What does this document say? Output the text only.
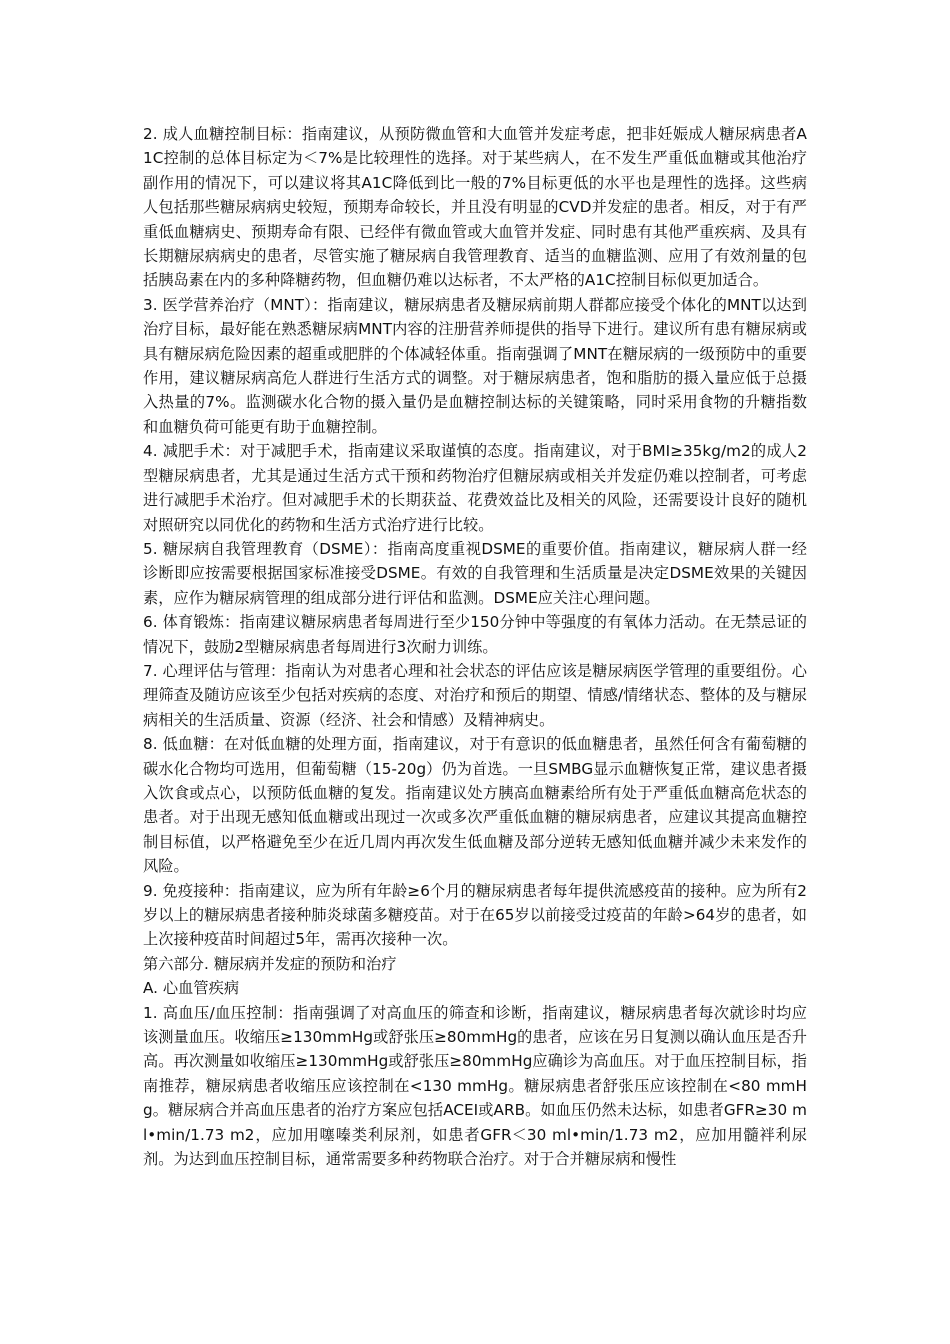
2. 成人血糖控制目标：指南建议，从预防微血管和大血管并发症考虑，把非妊娠成人糖尿病患者A1C控制的总体目标定为＜7%是比较理性的选择。对于某些病人，在不发生严重低血糖或其他治疗副作用的情况下，可以建议将其A1C降低到比一般的7%目标更低的水平也是理性的选择。这些病人包括那些糖尿病病史较短，预期寿命较长，并且没有明显的CVD并发症的患者。相反，对于有严重低血糖病史、预期寿命有限、已经伴有微血管或大血管并发症、同时患有其他严重疾病、及具有长期糖尿病病史的患者，尽管实施了糖尿病自我管理教育、适当的血糖监测、应用了有效剂量的包括胰岛素在内的多种降糖药物，但血糖仍难以达标者，不太严格的A1C控制目标似更加适合。

3. 医学营养治疗（MNT）：指南建议，糖尿病患者及糖尿病前期人群都应接受个体化的MNT以达到治疗目标，最好能在熟悉糖尿病MNT内容的注册营养师提供的指导下进行。建议所有患有糖尿病或具有糖尿病危险因素的超重或肥胖的个体减轻体重。指南强调了MNT在糖尿病的一级预防中的重要作用，建议糖尿病高危人群进行生活方式的调整。对于糖尿病患者，饱和脂肪的摄入量应低于总摄入热量的7%。监测碳水化合物的摄入量仍是血糖控制达标的关键策略，同时采用食物的升糖指数和血糖负荷可能更有助于血糖控制。

4. 减肥手术：对于减肥手术，指南建议采取谨慎的态度。指南建议，对于BMI≥35kg/m2的成人2型糖尿病患者，尤其是通过生活方式干预和药物治疗但糖尿病或相关并发症仍难以控制者，可考虑进行减肥手术治疗。但对减肥手术的长期获益、花费效益比及相关的风险，还需要设计良好的随机对照研究以同优化的药物和生活方式治疗进行比较。

5. 糖尿病自我管理教育（DSME）：指南高度重视DSME的重要价值。指南建议，糖尿病人群一经诊断即应按需要根据国家标准接受DSME。有效的自我管理和生活质量是决定DSME效果的关键因素，应作为糖尿病管理的组成部分进行评估和监测。DSME应关注心理问题。

6. 体育锻炼：指南建议糖尿病患者每周进行至少150分钟中等强度的有氧体力活动。在无禁忌证的情况下，鼓励2型糖尿病患者每周进行3次耐力训练。

7. 心理评估与管理：指南认为对患者心理和社会状态的评估应该是糖尿病医学管理的重要组份。心理筛查及随访应该至少包括对疾病的态度、对治疗和预后的期望、情感/情绪状态、整体的及与糖尿病相关的生活质量、资源（经济、社会和情感）及精神病史。

8. 低血糖：在对低血糖的处理方面，指南建议，对于有意识的低血糖患者，虽然任何含有葡萄糖的碳水化合物均可选用，但葡萄糖（15-20g）仍为首选。一旦SMBG显示血糖恢复正常，建议患者摄入饮食或点心，以预防低血糖的复发。指南建议处方胰高血糖素给所有处于严重低血糖高危状态的患者。对于出现无感知低血糖或出现过一次或多次严重低血糖的糖尿病患者，应建议其提高血糖控制目标值，以严格避免至少在近几周内再次发生低血糖及部分逆转无感知低血糖并减少未来发作的风险。

9. 免疫接种：指南建议，应为所有年龄≥6个月的糖尿病患者每年提供流感疫苗的接种。应为所有2岁以上的糖尿病患者接种肺炎球菌多糖疫苗。对于在65岁以前接受过疫苗的年龄>64岁的患者，如上次接种疫苗时间超过5年，需再次接种一次。

第六部分. 糖尿病并发症的预防和治疗

A. 心血管疾病

1. 高血压/血压控制：指南强调了对高血压的筛查和诊断，指南建议，糖尿病患者每次就诊时均应该测量血压。收缩压≥130mmHg或舒张压≥80mmHg的患者，应该在另日复测以确认血压是否升高。再次测量如收缩压≥130mmHg或舒张压≥80mmHg应确诊为高血压。对于血压控制目标，指南推荐，糖尿病患者收缩压应该控制在<130 mmHg。糖尿病患者舒张压应该控制在<80 mmHg。糖尿病合并高血压患者的治疗方案应包括ACEI或ARB。如血压仍然未达标，如患者GFR≥30 ml•min/1.73 m2，应加用噻嗪类利尿剂，如患者GFR＜30 ml•min/1.73 m2，应加用髓袢利尿剂。为达到血压控制目标，通常需要多种药物联合治疗。对于合并糖尿病和慢性
